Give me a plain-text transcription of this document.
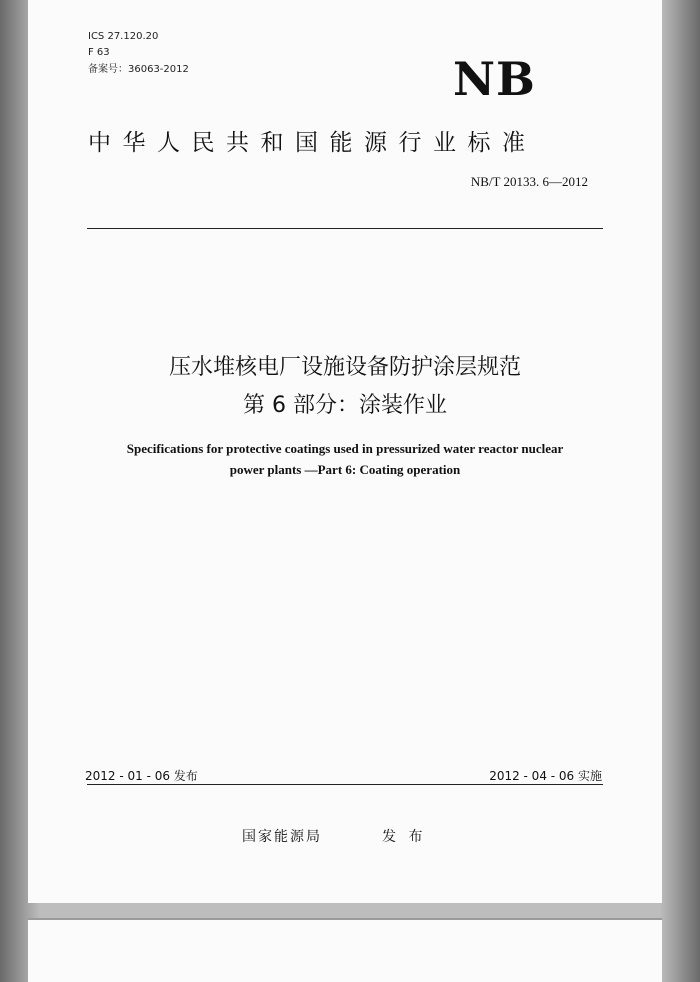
ICS 27.120.20
F 63
备案号：36063-2012	NB
中华人民共和国能源行业标准
NB/T 20133. 6—2012
压水堆核电厂设施设备防护涂层规范
第 6 部分：涂装作业
Specifications for protective coatings used in pressurized water reactor nuclear
power plants —Part 6: Coating operation
2012 - 01 - 06 发布	2012 - 04 - 06 实施
国家能源局	发 布
